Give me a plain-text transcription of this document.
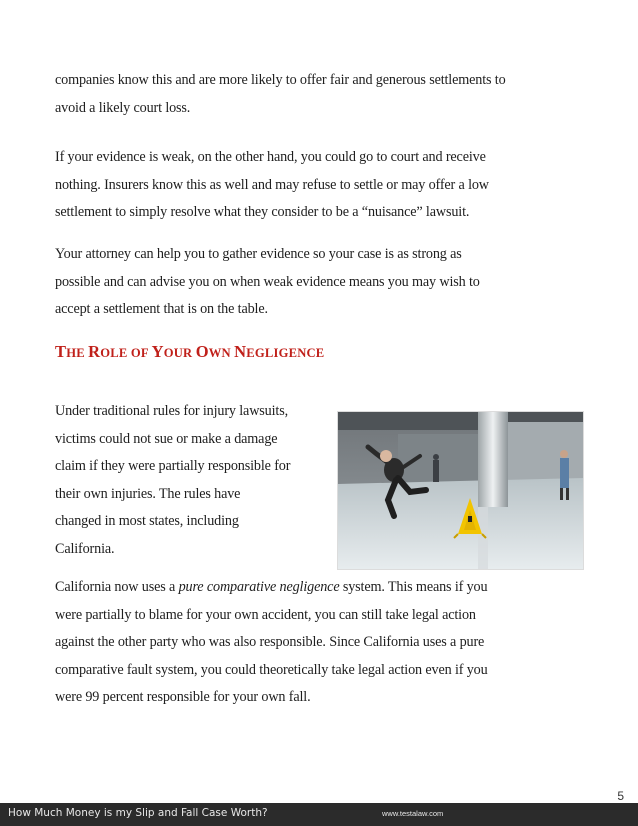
companies know this and are more likely to offer fair and generous settlements to
avoid a likely court loss.

If your evidence is weak, on the other hand, you could go to court and receive
nothing. Insurers know this as well and may refuse to settle or may offer a low
settlement to simply resolve what they consider to be a “nuisance” lawsuit.

Your attorney can help you to gather evidence so your case is as strong as
possible and can advise you on when weak evidence means you may wish to
accept a settlement that is on the table.

THE ROLE OF YOUR OWN NEGLIGENCE

Under traditional rules for injury lawsuits,
victims could not sue or make a damage
claim if they were partially responsible for
their own injuries. The rules have
changed in most states, including
California.

California now uses a pure comparative negligence system. This means if you
were partially to blame for your own accident, you can still take legal action
against the other party who was also responsible. Since California uses a pure
comparative fault system, you could theoretically take legal action even if you
were 99 percent responsible for your own fall.

5
How Much Money is my Slip and Fall Case Worth?	www.testalaw.com
